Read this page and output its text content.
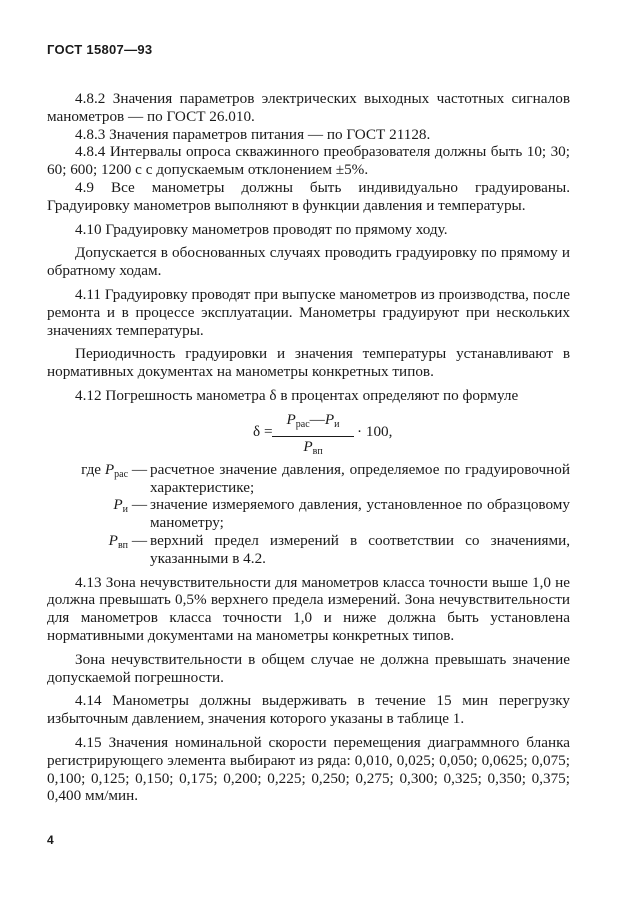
ГОСТ 15807—93

4.8.2 Значения параметров электрических выходных частотных сигналов манометров — по ГОСТ 26.010.

4.8.3 Значения параметров питания — по ГОСТ 21128.

4.8.4 Интервалы опроса скважинного преобразователя должны быть 10; 30; 60; 600; 1200 с с допускаемым отклонением ±5%.

4.9 Все манометры должны быть индивидуально градуированы. Градуировку манометров выполняют в функции давления и температуры.

4.10 Градуировку манометров проводят по прямому ходу.

Допускается в обоснованных случаях проводить градуировку по прямому и обратному ходам.

4.11 Градуировку проводят при выпуске манометров из производства, после ремонта и в процессе эксплуатации. Манометры градуируют при нескольких значениях температуры.

Периодичность градуировки и значения температуры устанавливают в нормативных документах на манометры конкретных типов.

4.12 Погрешность манометра δ в процентах определяют по формуле

δ =
$P_{рас}—P_и$
$P_{вп}$
· 100,
где $P_{рас}$ — расчетное значение давления, определяемое по градуировочной характеристике;
$P_и$ — значение измеряемого давления, установленное по образцовому манометру;
$P_{вп}$ — верхний предел измерений в соответствии со значениями, указанными в 4.2.

4.13 Зона нечувствительности для манометров класса точности выше 1,0 не должна превышать 0,5% верхнего предела измерений. Зона нечувствительности для манометров класса точности 1,0 и ниже должна быть установлена нормативными документами на манометры конкретных типов.

Зона нечувствительности в общем случае не должна превышать значение допускаемой погрешности.

4.14 Манометры должны выдерживать в течение 15 мин перегрузку избыточным давлением, значения которого указаны в таблице 1.

4.15 Значения номинальной скорости перемещения диаграммного бланка регистрирующего элемента выбирают из ряда: 0,010, 0,025; 0,050; 0,0625; 0,075; 0,100; 0,125; 0,150; 0,175; 0,200; 0,225; 0,250; 0,275; 0,300; 0,325; 0,350; 0,375; 0,400 мм/мин.

4
